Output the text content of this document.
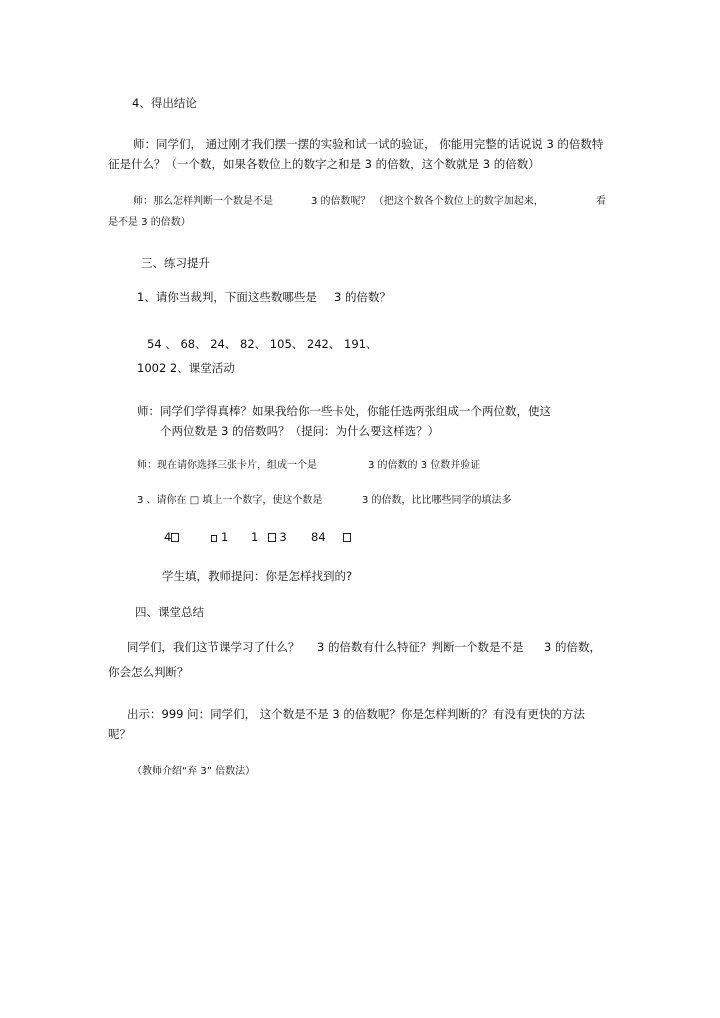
4、得出结论
师：同学们， 通过刚才我们摆一摆的实验和试一试的验证， 你能用完整的话说说 3 的倍数特
征是什么？（一个数，如果各数位上的数字之和是 3 的倍数，这个数就是 3 的倍数）
师：那么怎样判断一个数是不是	3 的倍数呢？ （把这个数各个数位上的数字加起来，	看
是不是 3 的倍数）
三、练习提升
1、请你当裁判，下面这些数哪些是 3 的倍数？
54 、 68、 24、 82、 105、 242、 191、
1002 2、课堂活动
师：同学们学得真棒？如果我给你一些卡处，你能任选两张组成一个两位数，使这
个两位数是 3 的倍数吗？（提问：为什么要这样选？）
师：现在请你选择三张卡片，组成一个是	3 的倍数的 3 位数并验证
3 、请你在 □ 填上一个数字，使这个数是	3 的倍数，比比哪些同学的填法多
4	1 1 3 84
学生填，教师提问：你是怎样找到的?
四、课堂总结
同学们，我们这节课学习了什么？ 3 的倍数有什么特征？判断一个数是不是 3 的倍数，
你会怎么判断？
出示：999 问：同学们， 这个数是不是 3 的倍数呢？你是怎样判断的？有没有更快的方法
呢？
（教师介绍“弃 3” 倍数法）
